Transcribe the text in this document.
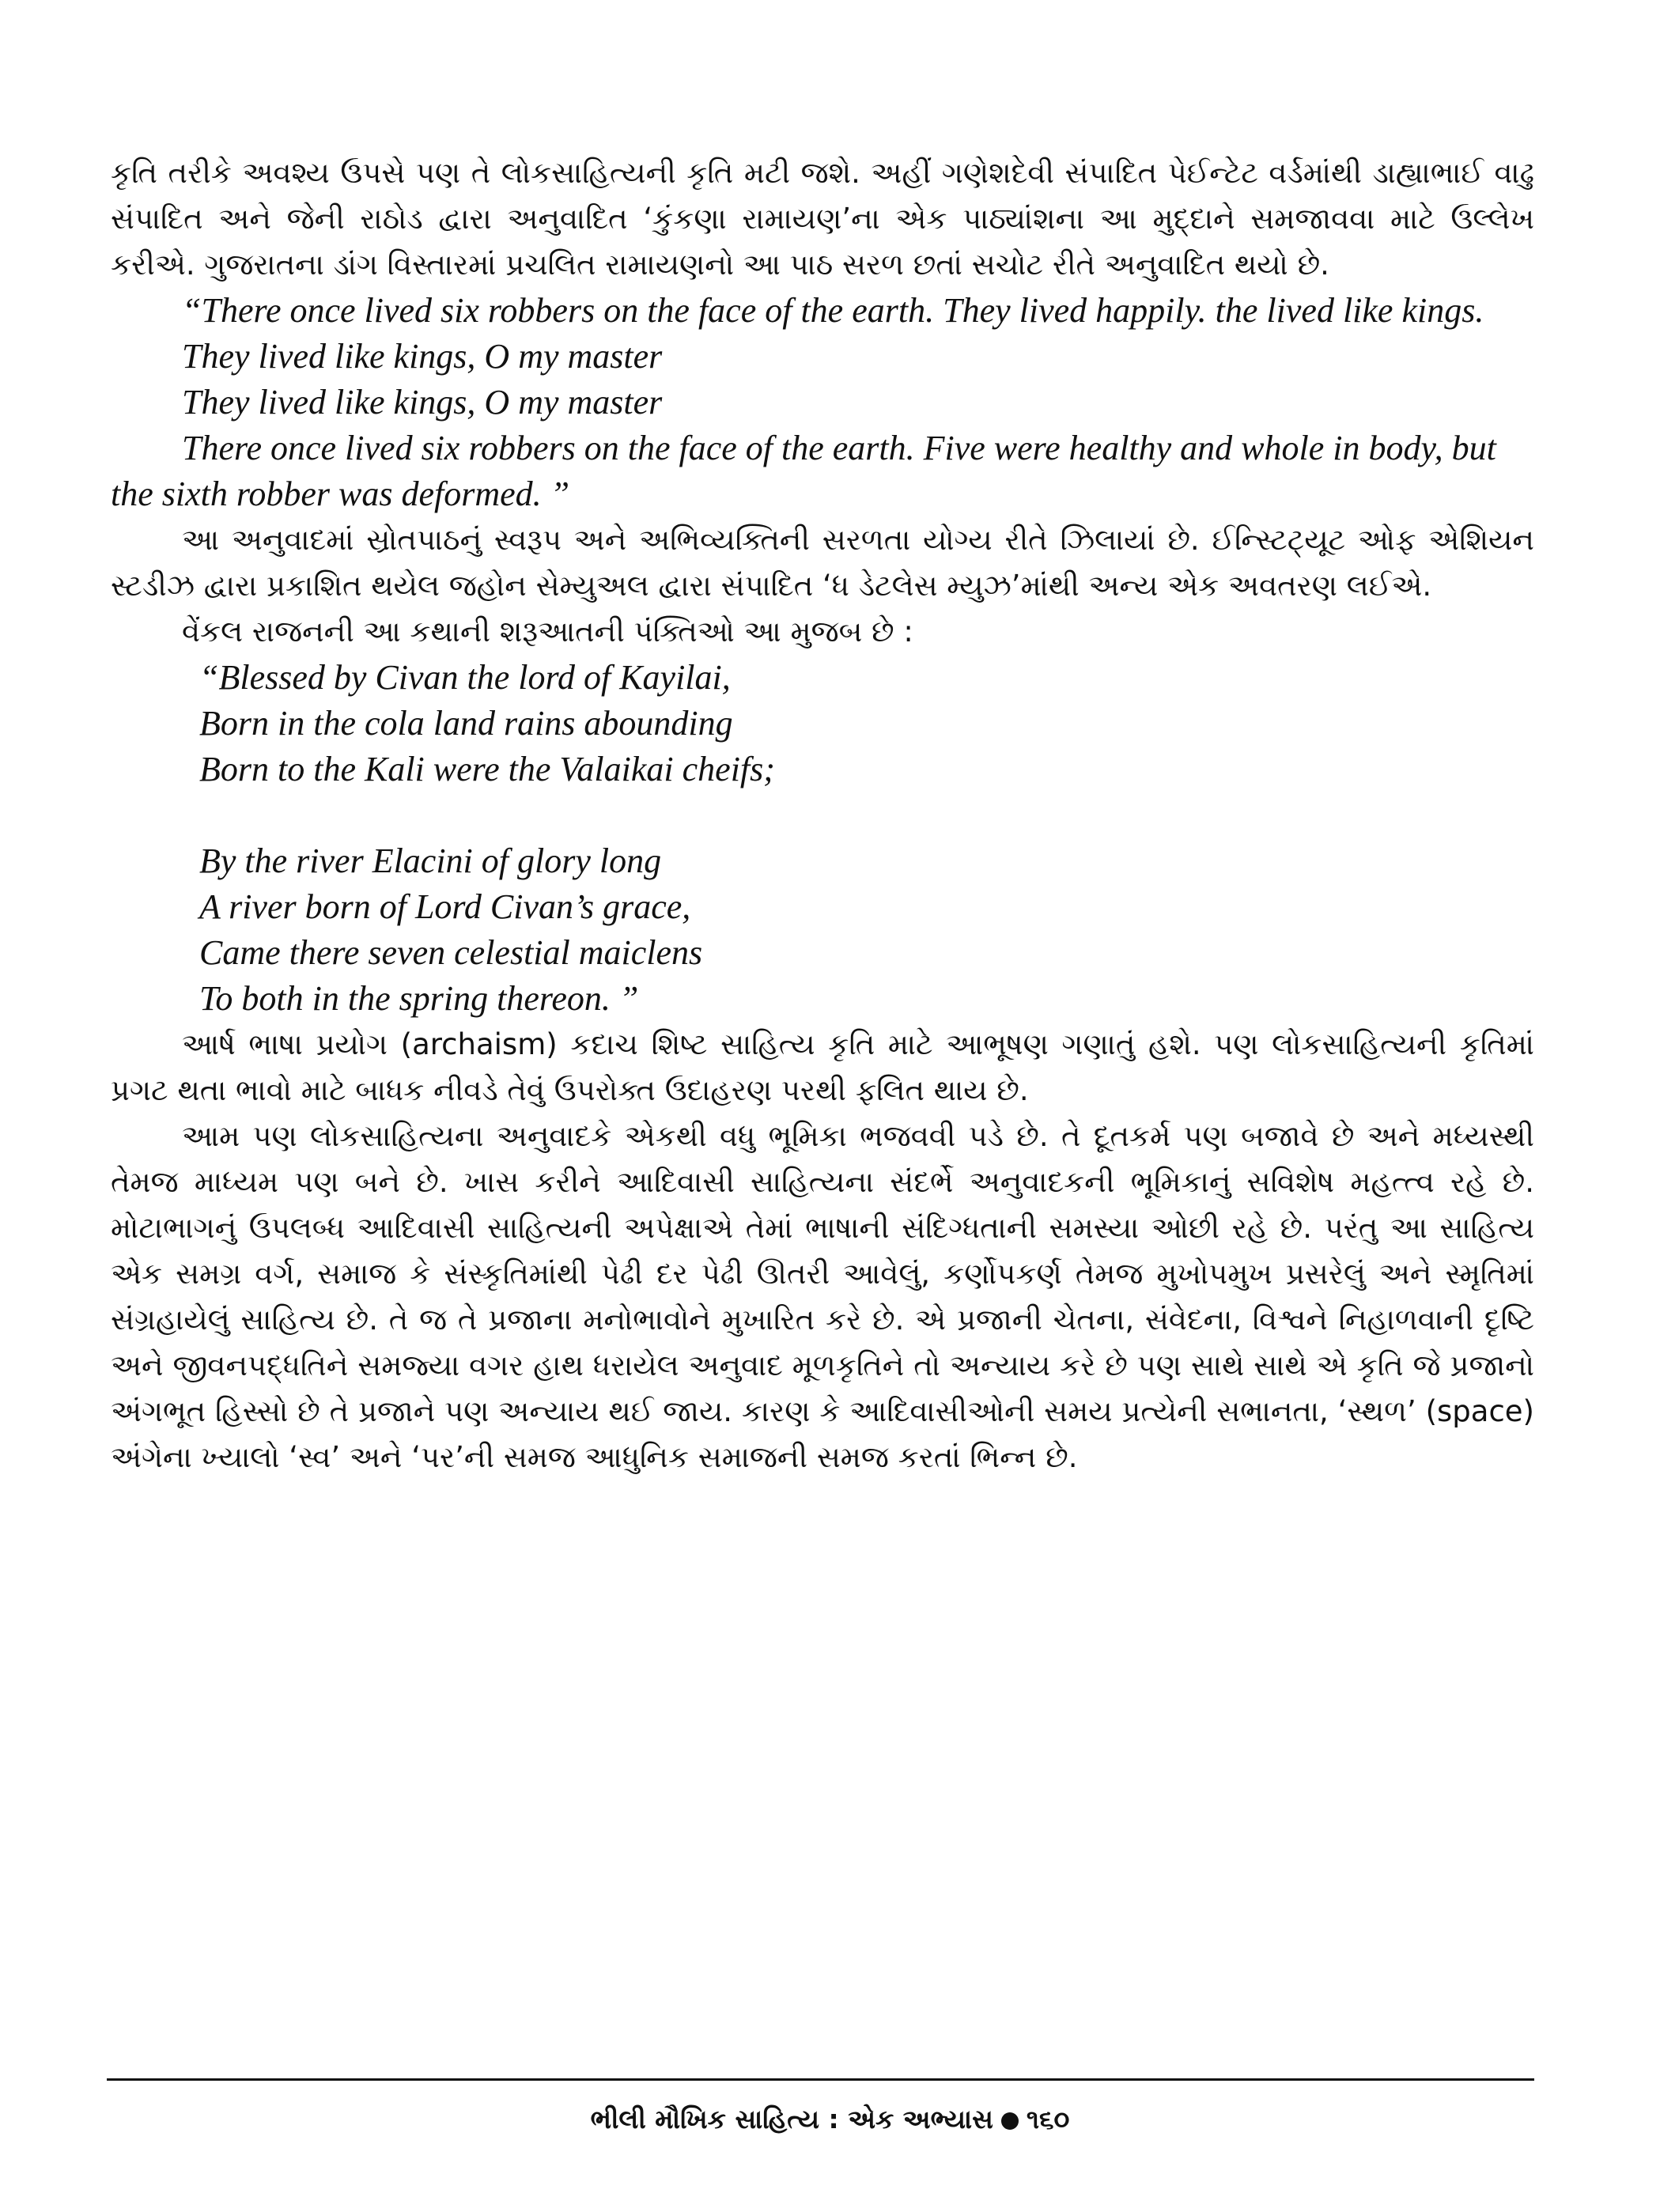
કૃતિ તરીકે અવશ્ય ઉપસે પણ તે લોકસાહિત્યની કૃતિ મટી જશે. અહીં ગણેશદેવી સંપાદિત પેઈન્ટેટ વર્ડમાંથી ડાહ્યાભાઈ વાઢુ સંપાદિત અને જેની રાઠોડ દ્વારા અનુવાદિત ‘કુંકણા રામાયણ’ના એક પાઠ્યાંશના આ મુદ્દાને સમજાવવા માટે ઉલ્લેખ કરીએ. ગુજરાતના ડાંગ વિસ્તારમાં પ્રચલિત રામાયણનો આ પાઠ સરળ છતાં સચોટ રીતે અનુવાદિત થયો છે.

“There once lived six robbers on the face of the earth. They lived happily. the lived like kings.

They lived like kings, O my master

They lived like kings, O my master

There once lived six robbers on the face of the earth. Five were healthy and whole in body, but the sixth robber was deformed. ”

આ અનુવાદમાં સ્રોતપાઠનું સ્વરૂપ અને અભિવ્યક્તિની સરળતા યોગ્ય રીતે ઝિલાયાં છે. ઈન્સ્ટિટ્યૂટ ઓફ એશિયન સ્ટડીઝ દ્વારા પ્રકાશિત થયેલ જહોન સેમ્યુઅલ દ્વારા સંપાદિત ‘ધ ડેટલેસ મ્યુઝ’માંથી અન્ય એક અવતરણ લઈએ.

વેંકલ રાજનની આ કથાની શરૂઆતની પંક્તિઓ આ મુજબ છે :

“Blessed by Civan the lord of Kayilai,

Born in the cola land rains abounding

Born to the Kali were the Valaikai cheifs;

By the river Elacini of glory long

A river born of Lord Civan’s grace,

Came there seven celestial maiclens

To both in the spring thereon. ”

આર્ષ ભાષા પ્રયોગ (archaism) કદાચ શિષ્ટ સાહિત્ય કૃતિ માટે આભૂષણ ગણાતું હશે. પણ લોકસાહિત્યની કૃતિમાં પ્રગટ થતા ભાવો માટે બાધક નીવડે તેવું ઉપરોક્ત ઉદાહરણ પરથી ફલિત થાય છે.

આમ પણ લોકસાહિત્યના અનુવાદકે એકથી વધુ ભૂમિકા ભજવવી પડે છે. તે દૂતકર્મ પણ બજાવે છે અને મધ્યસ્થી તેમજ માધ્યમ પણ બને છે. ખાસ કરીને આદિવાસી સાહિત્યના સંદર્ભે અનુવાદકની ભૂમિકાનું સવિશેષ મહત્ત્વ રહે છે. મોટાભાગનું ઉપલબ્ધ આદિવાસી સાહિત્યની અપેક્ષાએ તેમાં ભાષાની સંદિગ્ધતાની સમસ્યા ઓછી રહે છે. પરંતુ આ સાહિત્ય એક સમગ્ર વર્ગ, સમાજ કે સંસ્કૃતિમાંથી પેઢી દર પેઢી ઊતરી આવેલું, કર્ણોપકર્ણ તેમજ મુખોપમુખ પ્રસરેલું અને સ્મૃતિમાં સંગ્રહાયેલું સાહિત્ય છે. તે જ તે પ્રજાના મનોભાવોને મુખારિત કરે છે. એ પ્રજાની ચેતના, સંવેદના, વિશ્વને નિહાળવાની દૃષ્ટિ અને જીવનપદ્ધતિને સમજ્યા વગર હાથ ધરાયેલ અનુવાદ મૂળકૃતિને તો અન્યાય કરે છે પણ સાથે સાથે એ કૃતિ જે પ્રજાનો અંગભૂત હિસ્સો છે તે પ્રજાને પણ અન્યાય થઈ જાય. કારણ કે આદિવાસીઓની સમય પ્રત્યેની સભાનતા, ‘સ્થળ’ (space) અંગેના ખ્યાલો ‘સ્વ’ અને ‘પર’ની સમજ આધુનિક સમાજની સમજ કરતાં ભિન્ન છે.

ભીલી મૌખિક સાહિત્ય : એક અભ્યાસ ૧૬૦
